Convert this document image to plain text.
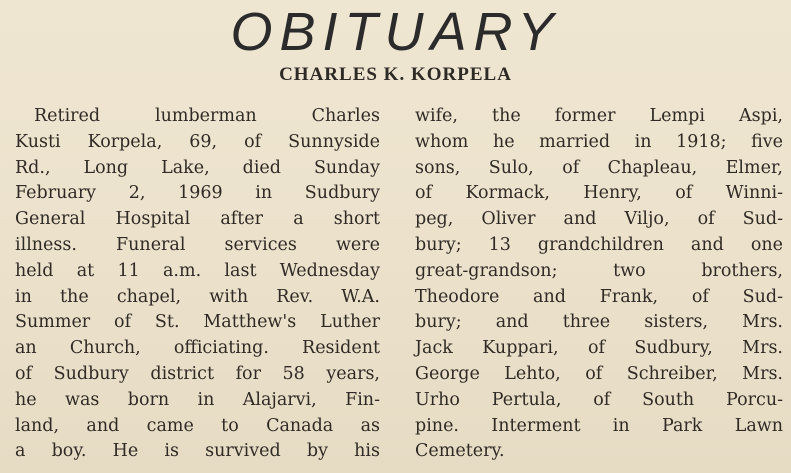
OBITUARY
CHARLES K. KORPELA
Retired lumberman Charles
Kusti Korpela, 69, of Sunnyside
Rd., Long Lake, died Sunday
February 2, 1969 in Sudbury
General Hospital after a short
illness. Funeral services were
held at 11 a.m. last Wednesday
in the chapel, with Rev. W.A.
Summer of St. Matthew's Luther
an Church, officiating. Resident
of Sudbury district for 58 years,
he was born in Alajarvi, Fin-
land, and came to Canada as
a boy. He is survived by his
wife, the former Lempi Aspi,
whom he married in 1918; five
sons, Sulo, of Chapleau, Elmer,
of Kormack, Henry, of Winni-
peg, Oliver and Viljo, of Sud-
bury; 13 grandchildren and one
great-grandson; two brothers,
Theodore and Frank, of Sud-
bury; and three sisters, Mrs.
Jack Kuppari, of Sudbury, Mrs.
George Lehto, of Schreiber, Mrs.
Urho Pertula, of South Porcu-
pine. Interment in Park Lawn
Cemetery.
